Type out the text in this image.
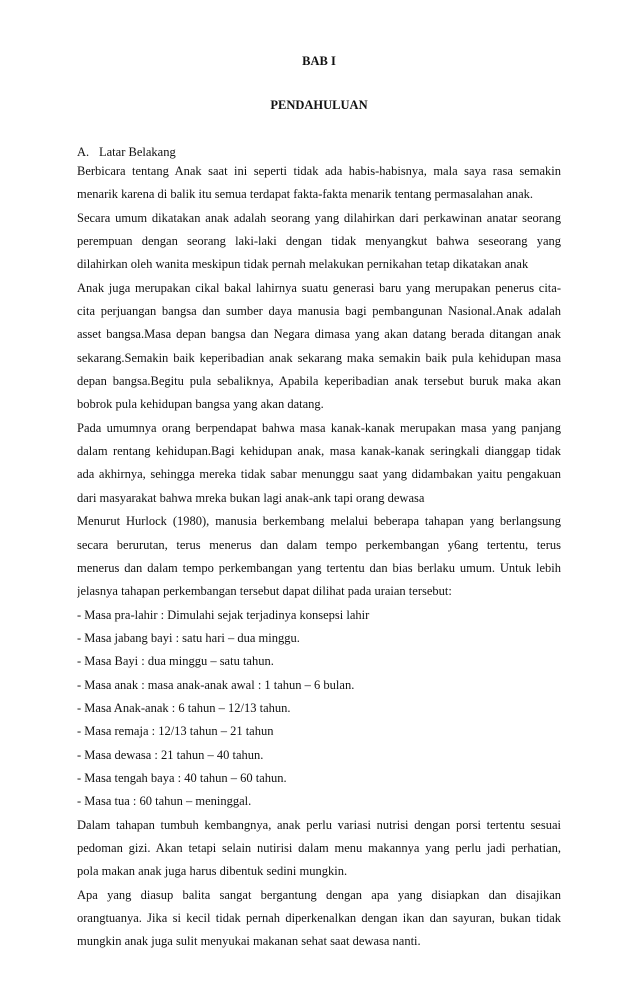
BAB I
PENDAHULUAN

A. Latar Belakang

Berbicara tentang Anak saat ini seperti tidak ada habis-habisnya, mala saya rasa semakin
menarik karena di balik itu semua terdapat fakta-fakta menarik tentang permasalahan anak.
Secara umum dikatakan anak adalah seorang yang dilahirkan dari perkawinan anatar seorang
perempuan dengan seorang laki-laki dengan tidak menyangkut bahwa seseorang yang
dilahirkan oleh wanita meskipun tidak pernah melakukan pernikahan tetap dikatakan anak
Anak juga merupakan cikal bakal lahirnya suatu generasi baru yang merupakan penerus cita-
cita perjuangan bangsa dan sumber daya manusia bagi pembangunan Nasional.Anak adalah
asset bangsa.Masa depan bangsa dan Negara dimasa yang akan datang berada ditangan anak
sekarang.Semakin baik keperibadian anak sekarang maka semakin baik pula kehidupan masa
depan bangsa.Begitu pula sebaliknya, Apabila keperibadian anak tersebut buruk maka akan
bobrok pula kehidupan bangsa yang akan datang.
Pada umumnya orang berpendapat bahwa masa kanak-kanak merupakan masa yang panjang
dalam rentang kehidupan.Bagi kehidupan anak, masa kanak-kanak seringkali dianggap tidak
ada akhirnya, sehingga mereka tidak sabar menunggu saat yang didambakan yaitu pengakuan
dari masyarakat bahwa mreka bukan lagi anak-ank tapi orang dewasa
Menurut Hurlock (1980), manusia berkembang melalui beberapa tahapan yang berlangsung
secara berurutan, terus menerus dan dalam tempo perkembangan y6ang tertentu, terus
menerus dan dalam tempo perkembangan yang tertentu dan bias berlaku umum. Untuk lebih
jelasnya tahapan perkembangan tersebut dapat dilihat pada uraian tersebut:
- Masa pra-lahir : Dimulahi sejak terjadinya konsepsi lahir
- Masa jabang bayi : satu hari – dua minggu.
- Masa Bayi : dua minggu – satu tahun.
- Masa anak : masa anak-anak awal : 1 tahun – 6 bulan.
- Masa Anak-anak : 6 tahun – 12/13 tahun.
- Masa remaja : 12/13 tahun – 21 tahun
- Masa dewasa : 21 tahun – 40 tahun.
- Masa tengah baya : 40 tahun – 60 tahun.
- Masa tua : 60 tahun – meninggal.
Dalam tahapan tumbuh kembangnya, anak perlu variasi nutrisi dengan porsi tertentu sesuai
pedoman gizi. Akan tetapi selain nutirisi dalam menu makannya yang perlu jadi perhatian,
pola makan anak juga harus dibentuk sedini mungkin.
Apa yang diasup balita sangat bergantung dengan apa yang disiapkan dan disajikan
orangtuanya. Jika si kecil tidak pernah diperkenalkan dengan ikan dan sayuran, bukan tidak
mungkin anak juga sulit menyukai makanan sehat saat dewasa nanti.
